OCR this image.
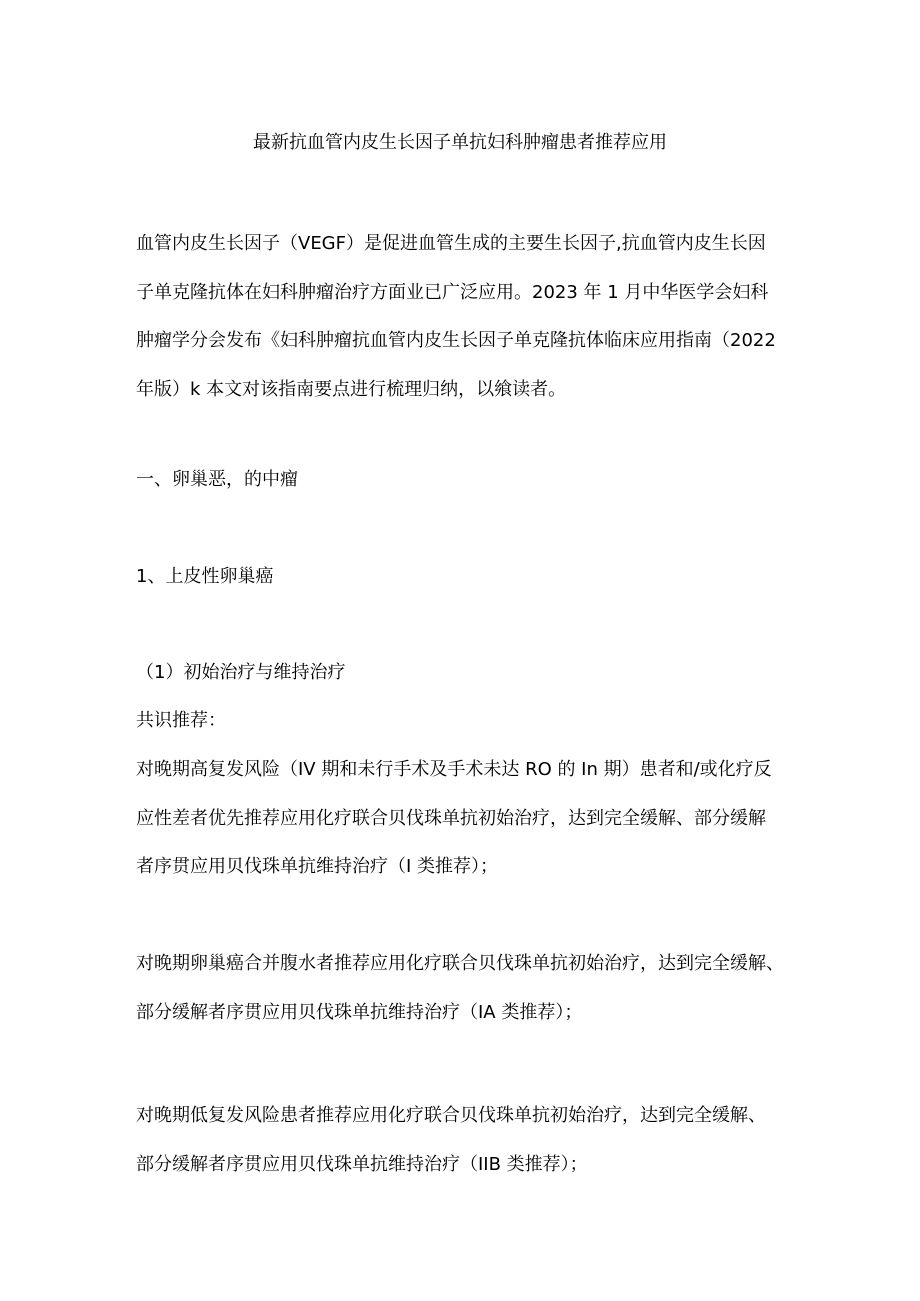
最新抗血管内皮生长因子单抗妇科肿瘤患者推荐应用
血管内皮生长因子（VEGF）是促进血管生成的主要生长因子,抗血管内皮生长因
子单克隆抗体在妇科肿瘤治疗方面业已广泛应用。2023 年 1 月中华医学会妇科
肿瘤学分会发布《妇科肿瘤抗血管内皮生长因子单克隆抗体临床应用指南（2022
年版）k 本文对该指南要点进行梳理归纳，以飨读者。
一、卵巢恶，的中瘤
1、上皮性卵巢癌
（1）初始治疗与维持治疗
共识推荐：
对晚期高复发风险（IV 期和未行手术及手术未达 RO 的 In 期）患者和/或化疗反
应性差者优先推荐应用化疗联合贝伐珠单抗初始治疗，达到完全缓解、部分缓解
者序贯应用贝伐珠单抗维持治疗（I 类推荐）；
对晚期卵巢癌合并腹水者推荐应用化疗联合贝伐珠单抗初始治疗，达到完全缓解、
部分缓解者序贯应用贝伐珠单抗维持治疗（IA 类推荐）；
对晚期低复发风险患者推荐应用化疗联合贝伐珠单抗初始治疗，达到完全缓解、
部分缓解者序贯应用贝伐珠单抗维持治疗（IIB 类推荐）；
